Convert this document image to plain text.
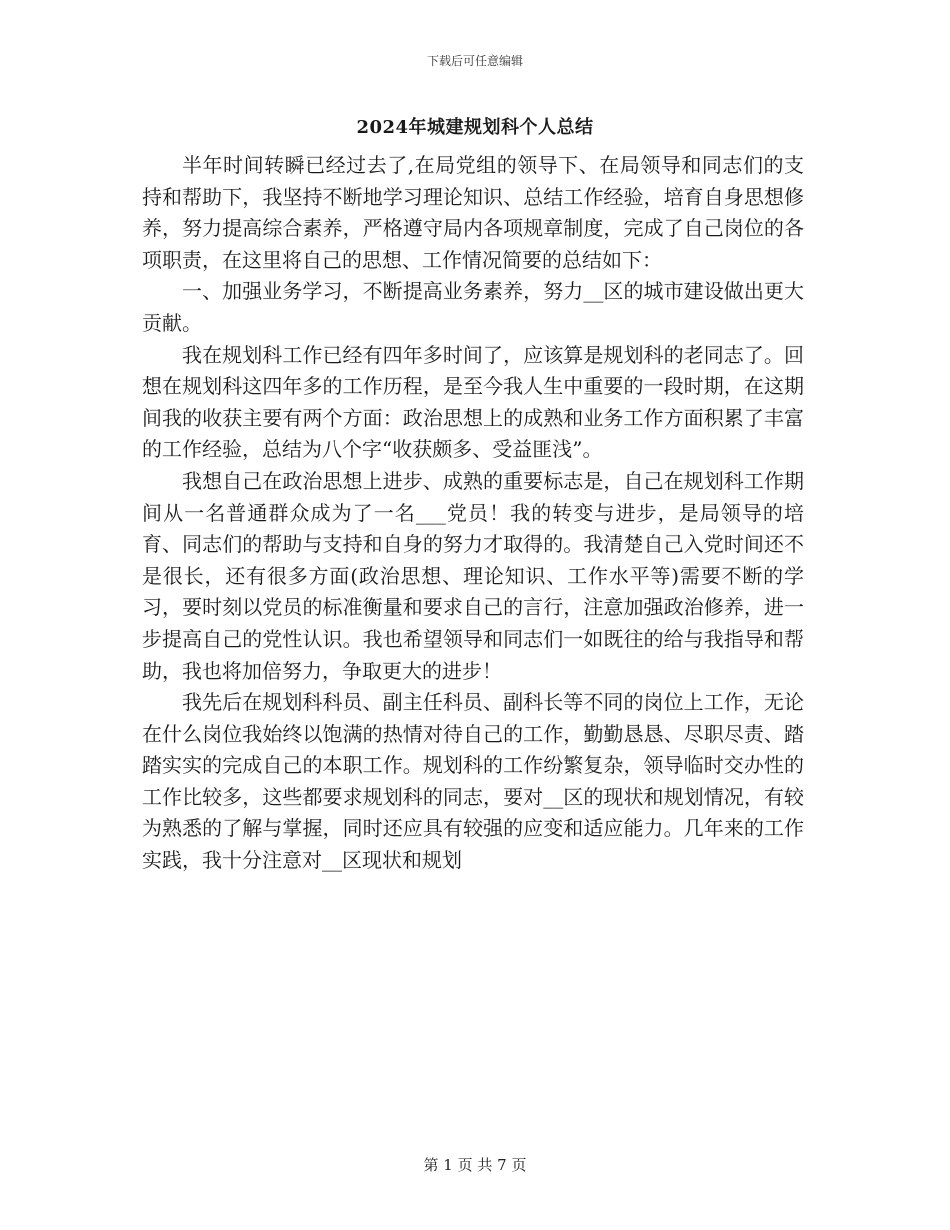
下载后可任意编辑
2024年城建规划科个人总结

半年时间转瞬已经过去了,在局党组的领导下、在局领导和同志们的支持和帮助下，我坚持不断地学习理论知识、总结工作经验，培育自身思想修养，努力提高综合素养，严格遵守局内各项规章制度，完成了自己岗位的各项职责，在这里将自己的思想、工作情况简要的总结如下：

一、加强业务学习，不断提高业务素养，努力__区的城市建设做出更大贡献。

我在规划科工作已经有四年多时间了，应该算是规划科的老同志了。回想在规划科这四年多的工作历程，是至今我人生中重要的一段时期，在这期间我的收获主要有两个方面：政治思想上的成熟和业务工作方面积累了丰富的工作经验，总结为八个字“收获颇多、受益匪浅”。

我想自己在政治思想上进步、成熟的重要标志是，自己在规划科工作期间从一名普通群众成为了一名___党员！我的转变与进步，是局领导的培育、同志们的帮助与支持和自身的努力才取得的。我清楚自己入党时间还不是很长，还有很多方面(政治思想、理论知识、工作水平等)需要不断的学习，要时刻以党员的标准衡量和要求自己的言行，注意加强政治修养，进一步提高自己的党性认识。我也希望领导和同志们一如既往的给与我指导和帮助，我也将加倍努力，争取更大的进步！

我先后在规划科科员、副主任科员、副科长等不同的岗位上工作，无论在什么岗位我始终以饱满的热情对待自己的工作，勤勤恳恳、尽职尽责、踏踏实实的完成自己的本职工作。规划科的工作纷繁复杂，领导临时交办性的工作比较多，这些都要求规划科的同志，要对__区的现状和规划情况，有较为熟悉的了解与掌握，同时还应具有较强的应变和适应能力。几年来的工作实践，我十分注意对__区现状和规划

第 1 页 共 7 页
